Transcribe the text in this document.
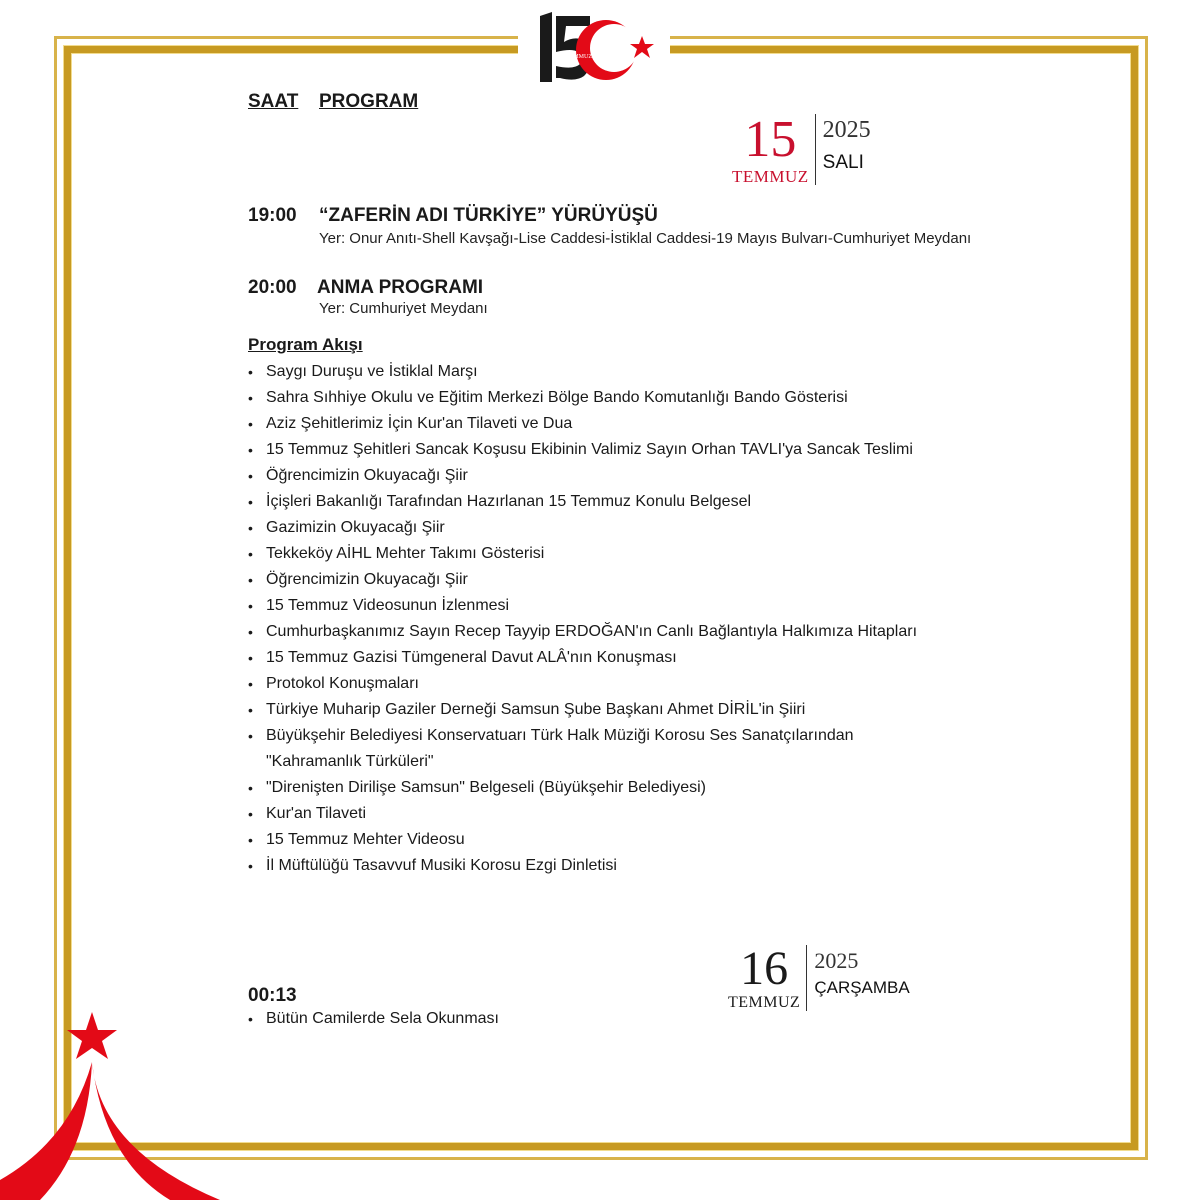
TEMMUZ
SAAT PROGRAM
15
TEMMUZ
2025
SALI
19:00 “ZAFERİN ADI TÜRKİYE” YÜRÜYÜŞÜ
Yer: Onur Anıtı-Shell Kavşağı-Lise Caddesi-İstiklal Caddesi-19 Mayıs Bulvarı-Cumhuriyet Meydanı
20:00 ANMA PROGRAMI
Yer: Cumhuriyet Meydanı
Program Akışı
• Saygı Duruşu ve İstiklal Marşı
• Sahra Sıhhiye Okulu ve Eğitim Merkezi Bölge Bando Komutanlığı Bando Gösterisi
• Aziz Şehitlerimiz İçin Kur'an Tilaveti ve Dua
• 15 Temmuz Şehitleri Sancak Koşusu Ekibinin Valimiz Sayın Orhan TAVLI'ya Sancak Teslimi
• Öğrencimizin Okuyacağı Şiir
• İçişleri Bakanlığı Tarafından Hazırlanan 15 Temmuz Konulu Belgesel
• Gazimizin Okuyacağı Şiir
• Tekkeköy AİHL Mehter Takımı Gösterisi
• Öğrencimizin Okuyacağı Şiir
• 15 Temmuz Videosunun İzlenmesi
• Cumhurbaşkanımız Sayın Recep Tayyip ERDOĞAN'ın Canlı Bağlantıyla Halkımıza Hitapları
• 15 Temmuz Gazisi Tümgeneral Davut ALÂ'nın Konuşması
• Protokol Konuşmaları
• Türkiye Muharip Gaziler Derneği Samsun Şube Başkanı Ahmet DİRİL'in Şiiri
• Büyükşehir Belediyesi Konservatuarı Türk Halk Müziği Korosu Ses Sanatçılarından "Kahramanlık Türküleri"
• "Direnişten Dirilişe Samsun" Belgeseli (Büyükşehir Belediyesi)
• Kur'an Tilaveti
• 15 Temmuz Mehter Videosu
• İl Müftülüğü Tasavvuf Musiki Korosu Ezgi Dinletisi
16
TEMMUZ
2025
ÇARŞAMBA
00:13
• Bütün Camilerde Sela Okunması
